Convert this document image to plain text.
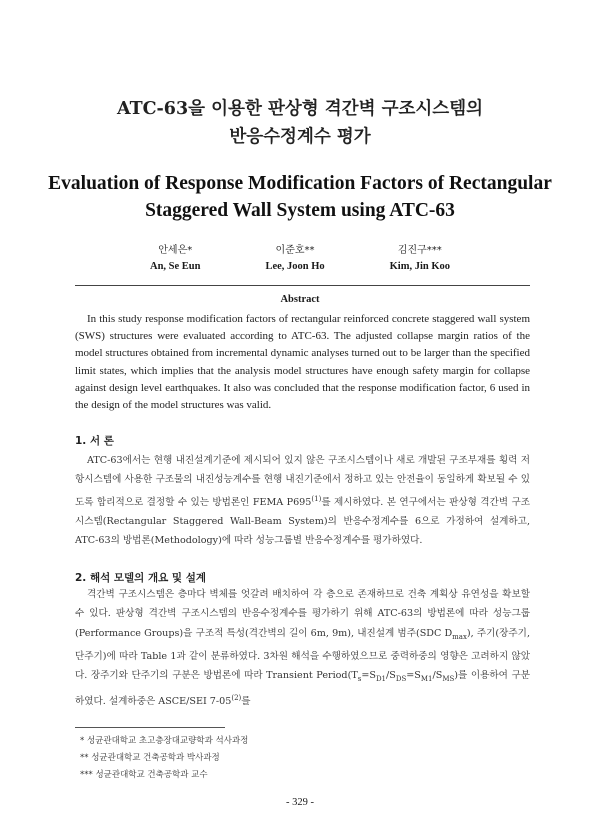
ATC-63을 이용한 판상형 격간벽 구조시스템의
반응수정계수 평가
Evaluation of Response Modification Factors of Rectangular
Staggered Wall System using ATC-63
안세은*
An, Se Eun
이준호**
Lee, Joon Ho
김진구***
Kim, Jin Koo
Abstract
In this study response modification factors of rectangular reinforced concrete staggered wall system (SWS) structures were evaluated according to ATC-63. The adjusted collapse margin ratios of the model structures obtained from incremental dynamic analyses turned out to be larger than the specified limit states, which implies that the analysis model structures have enough safety margin for collapse against design level earthquakes. It also was concluded that the response modification factor, 6 used in the design of the model structures was valid.
1. 서 론
ATC-63에서는 현행 내진설계기준에 제시되어 있지 않은 구조시스템이나 새로 개발된 구조부재를 횡력 저항시스템에 사용한 구조물의 내진성능계수를 현행 내진기준에서 정하고 있는 안전율이 동일하게 확보될 수 있도록 합리적으로 결정할 수 있는 방법론인 FEMA P695$^{(1)}$를 제시하였다. 본 연구에서는 판상형 격간벽 구조시스템(Rectangular Staggered Wall-Beam System)의 반응수정계수를 6으로 가정하여 설계하고, ATC-63의 방법론(Methodology)에 따라 성능그룹별 반응수정계수를 평가하였다.
2. 해석 모델의 개요 및 설계
격간벽 구조시스템은 층마다 벽체를 엇갈려 배치하여 각 층으로 존재하므로 건축 계획상 유연성을 확보할 수 있다. 판상형 격간벽 구조시스템의 반응수정계수를 평가하기 위해 ATC-63의 방법론에 따라 성능그룹(Performance Groups)을 구조적 특성(격간벽의 길이 6m, 9m), 내진설계 범주(SDC $D_{max}$), 주기(장주기, 단주기)에 따라 Table 1과 같이 분류하였다. 3차원 해석을 수행하였으므로 중력하중의 영향은 고려하지 않았다. 장주기와 단주기의 구분은 방법론에 따라 Transient $Period(T_s=S_{D1}/S_{DS}=S_{M1}/S_{MS})$를 이용하여 구분하였다. 설계하중은 ASCE/SEI 7-05$^{(2)}$를
* 성균관대학교 초고층장대교량학과 석사과정
** 성균관대학교 건축공학과 박사과정
*** 성균관대학교 건축공학과 교수
- 329 -
